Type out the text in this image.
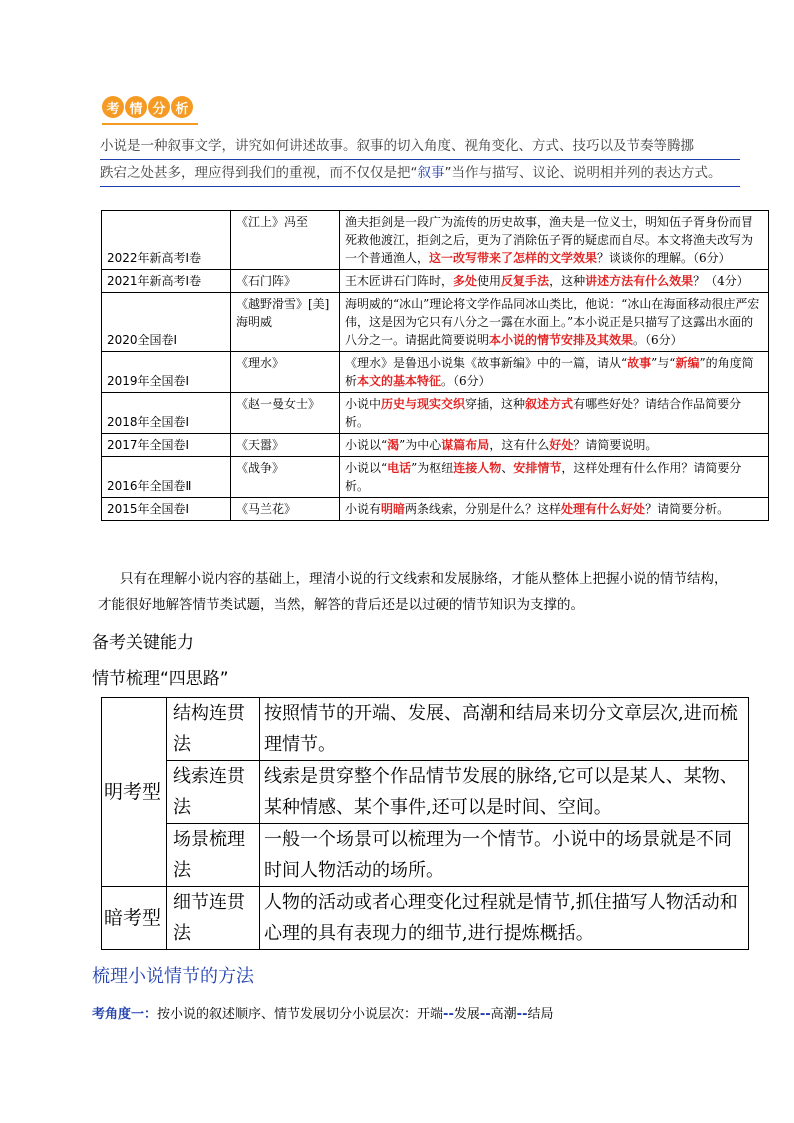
考 情 分 析
小说是一种叙事文学，讲究如何讲述故事。叙事的切入角度、视角变化、方式、技巧以及节奏等腾挪
跌宕之处甚多，理应得到我们的重视，而不仅仅是把“叙事”当作与描写、议论、说明相并列的表达方式。
2022年新高考Ⅰ卷	《江上》冯至	渔夫拒剑是一段广为流传的历史故事，渔夫是一位义士，明知伍子胥身份而冒死救他渡江，拒剑之后，更为了消除伍子胥的疑虑而自尽。本文将渔夫改写为一个普通渔人，这一改写带来了怎样的文学效果？谈谈你的理解。（6分）
2021年新高考Ⅰ卷	《石门阵》	王木匠讲石门阵时，多处使用反复手法，这种讲述方法有什么效果？（4分）
2020全国卷Ⅰ	《越野滑雪》[美]海明威	海明威的“冰山”理论将文学作品同冰山类比，他说：“冰山在海面移动很庄严宏伟，这是因为它只有八分之一露在水面上。”本小说正是只描写了这露出水面的八分之一。请据此简要说明本小说的情节安排及其效果。（6分）
2019年全国卷Ⅰ	《理水》	《理水》是鲁迅小说集《故事新编》中的一篇，请从“故事”与“新编”的角度简析本文的基本特征。（6分）
2018年全国卷Ⅰ	《赵一曼女士》	小说中历史与现实交织穿插，这种叙述方式有哪些好处？请结合作品简要分析。
2017年全国卷Ⅰ	《天嚣》	小说以“渴”为中心谋篇布局，这有什么好处？请简要说明。
2016年全国卷Ⅱ	《战争》	小说以“电话”为枢纽连接人物、安排情节，这样处理有什么作用？请简要分析。
2015年全国卷Ⅰ	《马兰花》	小说有明暗两条线索，分别是什么？这样处理有什么好处？请简要分析。
只有在理解小说内容的基础上，理清小说的行文线索和发展脉络，才能从整体上把握小说的情节结构，
才能很好地解答情节类试题，当然，解答的背后还是以过硬的情节知识为支撑的。
备考关键能力
情节梳理“四思路”
明考型	结构连贯法	按照情节的开端、发展、高潮和结局来切分文章层次,进而梳理情节。
	线索连贯法	线索是贯穿整个作品情节发展的脉络,它可以是某人、某物、某种情感、某个事件,还可以是时间、空间。
	场景梳理法	一般一个场景可以梳理为一个情节。小说中的场景就是不同时间人物活动的场所。
暗考型	细节连贯法	人物的活动或者心理变化过程就是情节,抓住描写人物活动和心理的具有表现力的细节,进行提炼概括。
梳理小说情节的方法
考角度一：按小说的叙述顺序、情节发展切分小说层次：开端--发展--高潮--结局
